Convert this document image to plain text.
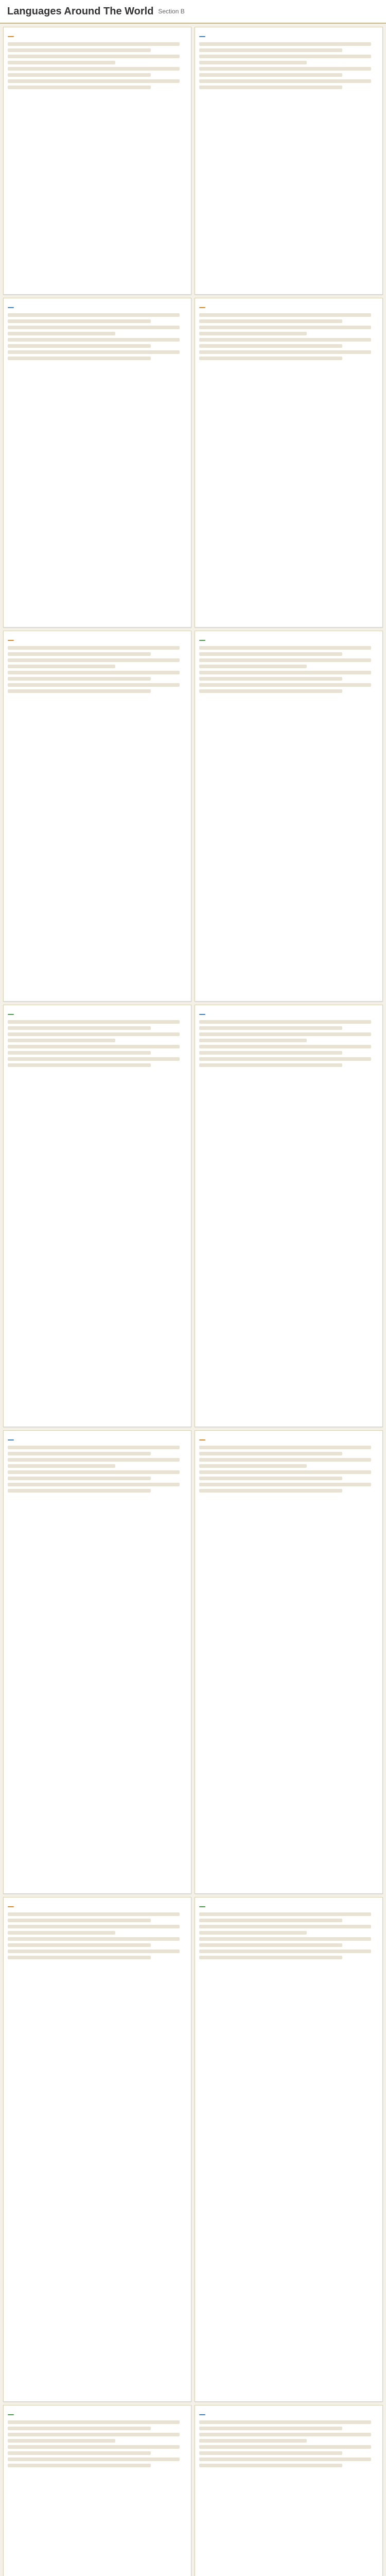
Languages Around The World
Section B
